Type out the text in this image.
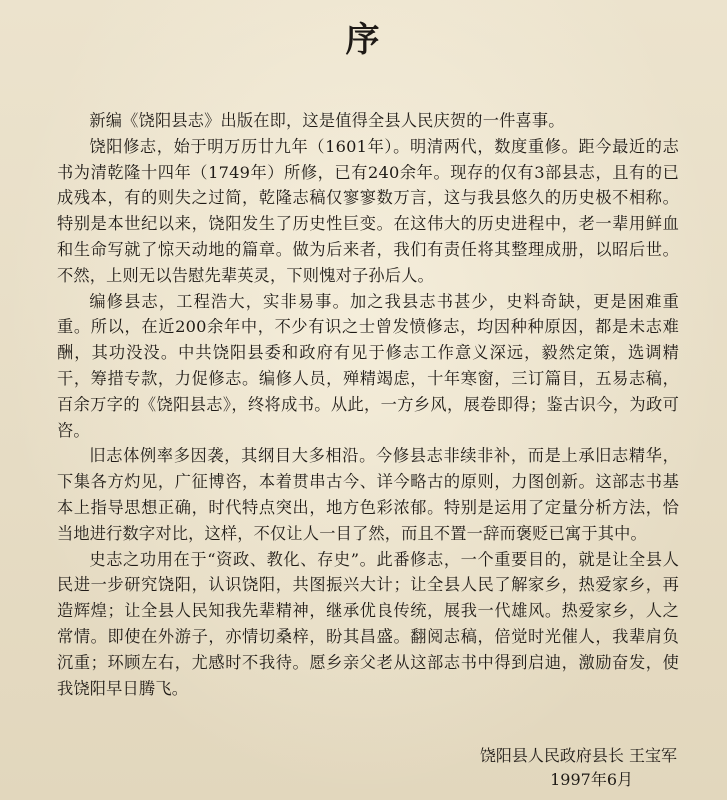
序

新编《饶阳县志》出版在即，这是值得全县人民庆贺的一件喜事。

饶阳修志，始于明万历廿九年（1601年）。明清两代，数度重修。距今最近的志书为清乾隆十四年（1749年）所修，已有240余年。现存的仅有3部县志，且有的已成残本，有的则失之过简，乾隆志稿仅寥寥数万言，这与我县悠久的历史极不相称。特别是本世纪以来，饶阳发生了历史性巨变。在这伟大的历史进程中，老一辈用鲜血和生命写就了惊天动地的篇章。做为后来者，我们有责任将其整理成册，以昭后世。不然，上则无以告慰先辈英灵，下则愧对子孙后人。

编修县志，工程浩大，实非易事。加之我县志书甚少，史料奇缺，更是困难重重。所以，在近200余年中，不少有识之士曾发愤修志，均因种种原因，都是未志难酬，其功没没。中共饶阳县委和政府有见于修志工作意义深远，毅然定策，选调精干，筹措专款，力促修志。编修人员，殚精竭虑，十年寒窗，三订篇目，五易志稿，百余万字的《饶阳县志》，终将成书。从此，一方乡风，展卷即得；鉴古识今，为政可咨。

旧志体例率多因袭，其纲目大多相沿。今修县志非续非补，而是上承旧志精华，下集各方灼见，广征博咨，本着贯串古今、详今略古的原则，力图创新。这部志书基本上指导思想正确，时代特点突出，地方色彩浓郁。特别是运用了定量分析方法，恰当地进行数字对比，这样，不仅让人一目了然，而且不置一辞而褒贬已寓于其中。

史志之功用在于“资政、教化、存史”。此番修志，一个重要目的，就是让全县人民进一步研究饶阳，认识饶阳，共图振兴大计；让全县人民了解家乡，热爱家乡，再造辉煌；让全县人民知我先辈精神，继承优良传统，展我一代雄风。热爱家乡，人之常情。即使在外游子，亦情切桑梓，盼其昌盛。翻阅志稿，倍觉时光催人，我辈肩负沉重；环顾左右，尤感时不我待。愿乡亲父老从这部志书中得到启迪，激励奋发，使我饶阳早日腾飞。

饶阳县人民政府县长 王宝军
1997年6月
